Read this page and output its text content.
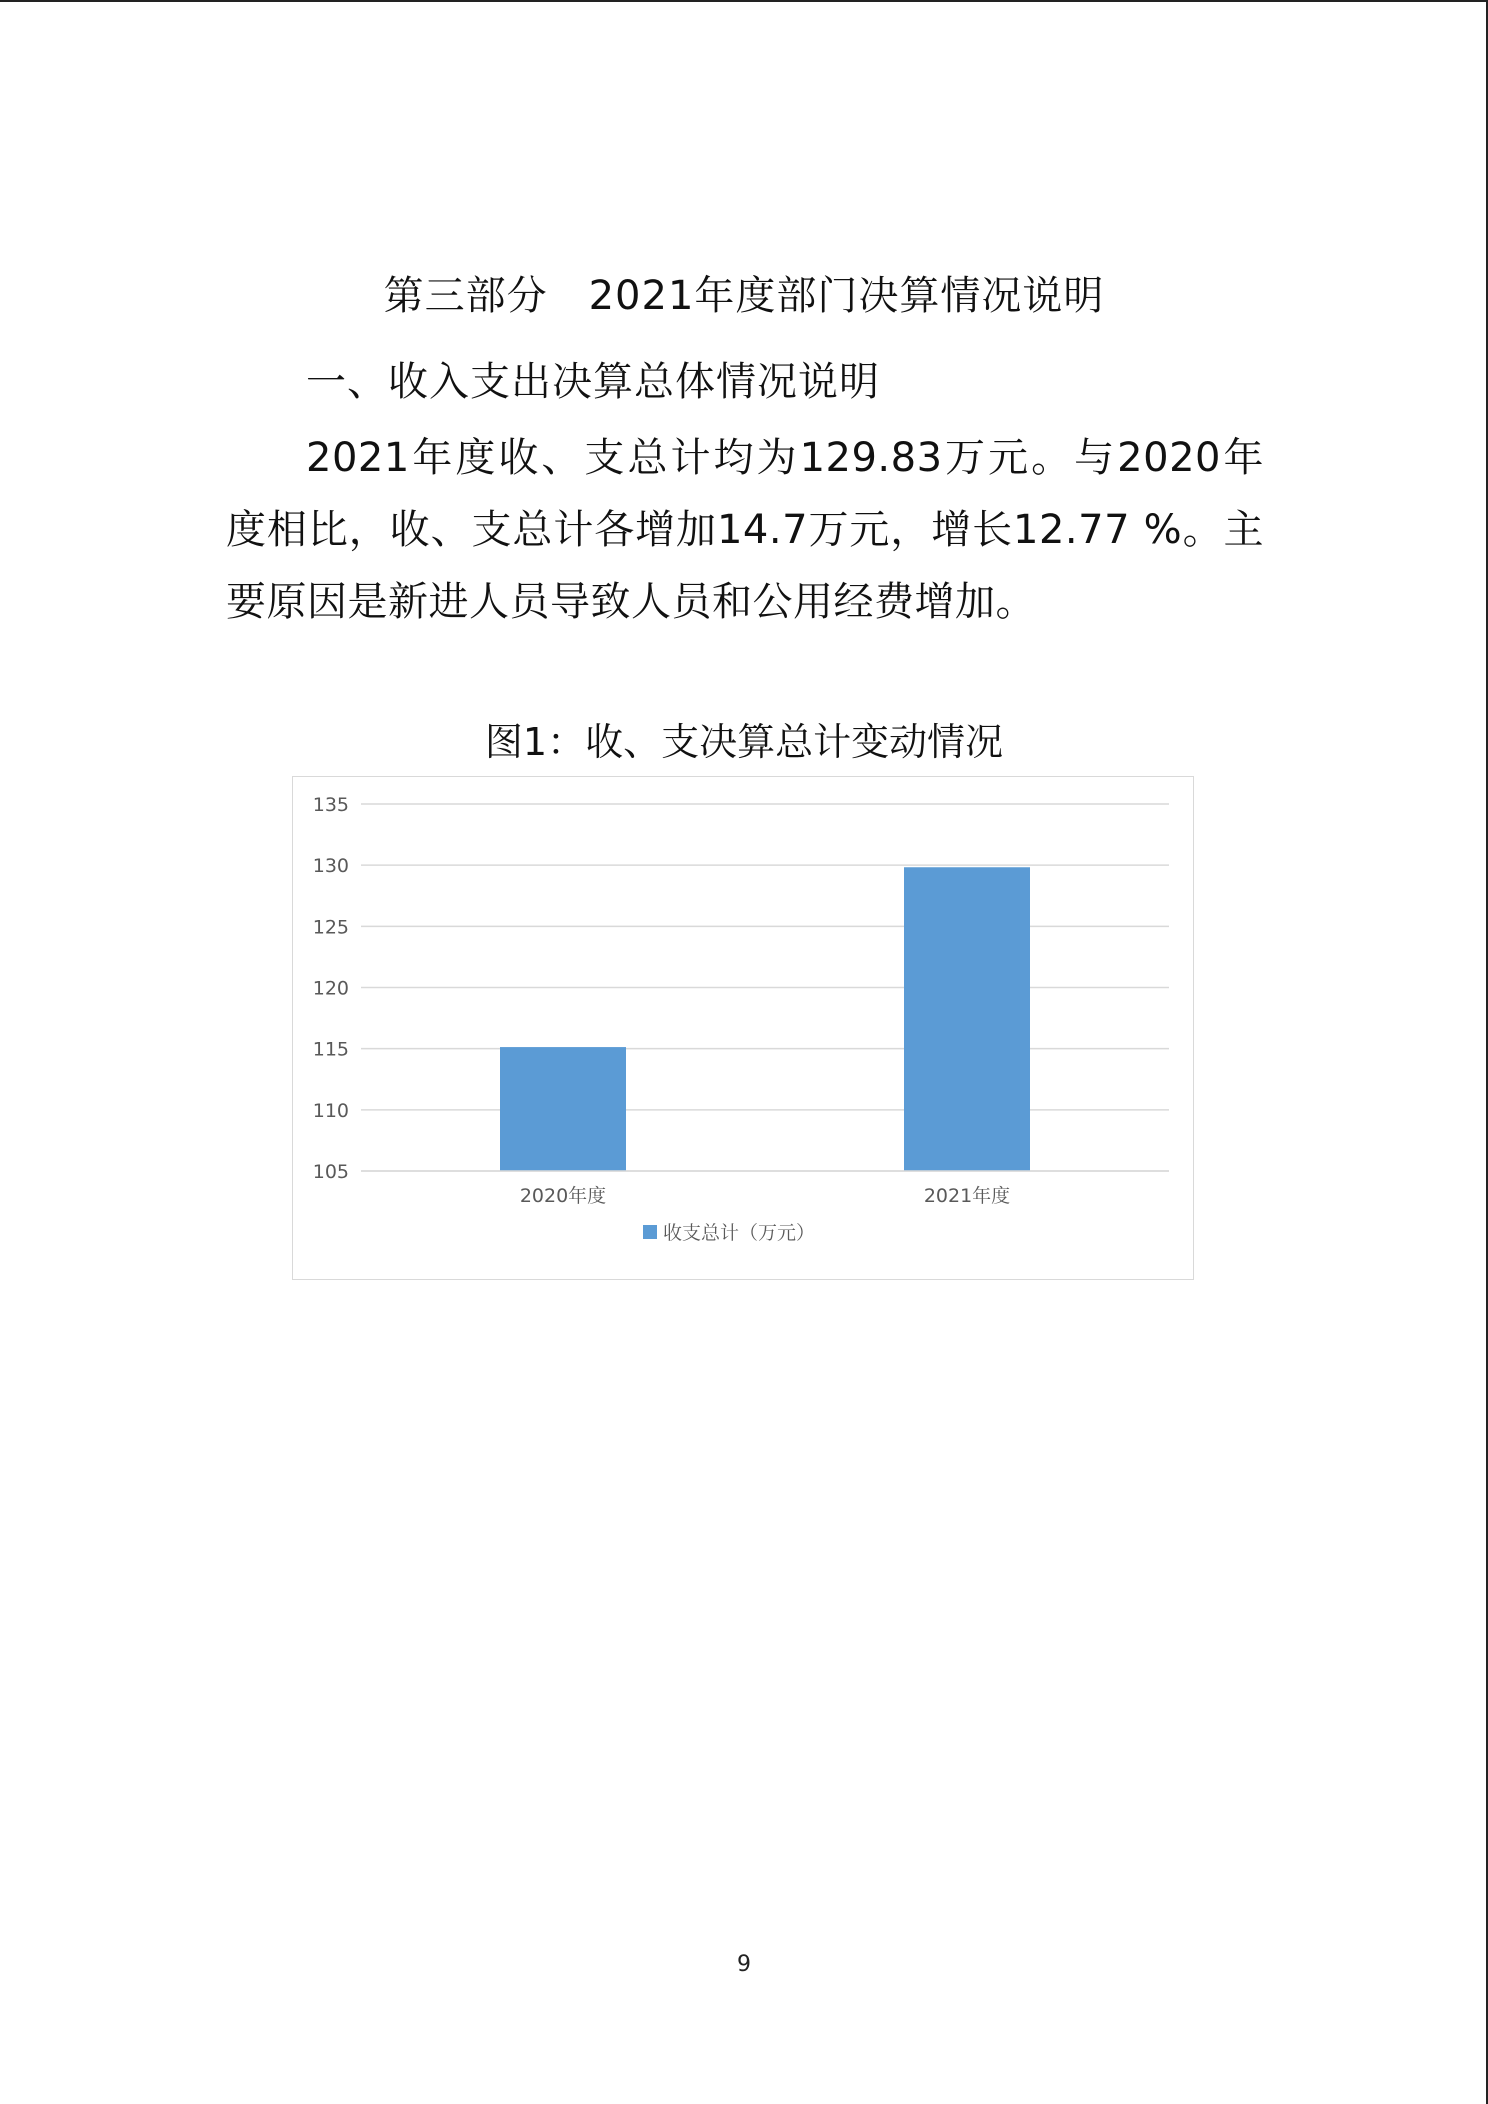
第三部分　2021年度部门决算情况说明
一、收入支出决算总体情况说明
2021年度收、支总计均为129.83万元。与2020年度相比，收、支总计各增加14.7万元，增长12.77 %。主要原因是新进人员导致人员和公用经费增加。
图1：收、支决算总计变动情况
105
110
115
120
125
130
135
2020年度	2021年度
收支总计（万元）
9
